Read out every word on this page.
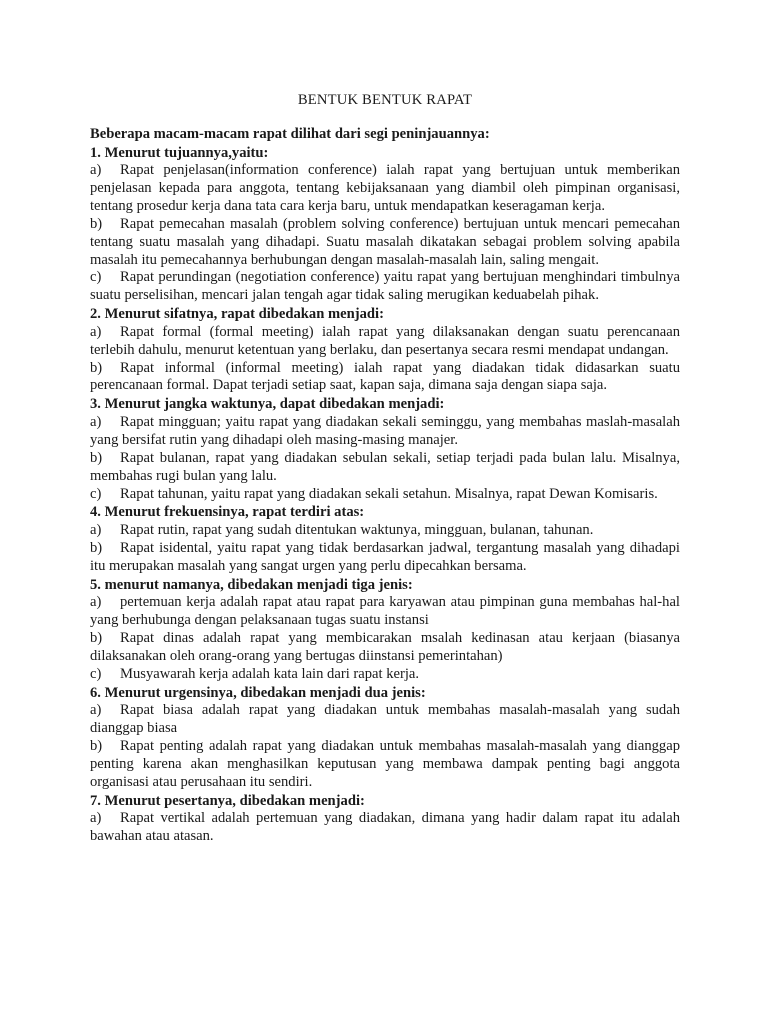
BENTUK BENTUK RAPAT

Beberapa macam-macam rapat dilihat dari segi peninjauannya:

1. Menurut tujuannya,yaitu:

a) Rapat penjelasan(information conference) ialah rapat yang bertujuan untuk memberikan penjelasan kepada para anggota, tentang kebijaksanaan yang diambil oleh pimpinan organisasi, tentang prosedur kerja dana tata cara kerja baru, untuk mendapatkan keseragaman kerja.

b) Rapat pemecahan masalah (problem solving conference) bertujuan untuk mencari pemecahan tentang suatu masalah yang dihadapi. Suatu masalah dikatakan sebagai problem solving apabila masalah itu pemecahannya berhubungan dengan masalah-masalah lain, saling mengait.

c) Rapat perundingan (negotiation conference) yaitu rapat yang bertujuan menghindari timbulnya suatu perselisihan, mencari jalan tengah agar tidak saling merugikan keduabelah pihak.

2. Menurut sifatnya, rapat dibedakan menjadi:

a) Rapat formal (formal meeting) ialah rapat yang dilaksanakan dengan suatu perencanaan terlebih dahulu, menurut ketentuan yang berlaku, dan pesertanya secara resmi mendapat undangan.

b) Rapat informal (informal meeting) ialah rapat yang diadakan tidak didasarkan suatu perencanaan formal. Dapat terjadi setiap saat, kapan saja, dimana saja dengan siapa saja.

3. Menurut jangka waktunya, dapat dibedakan menjadi:

a) Rapat mingguan; yaitu rapat yang diadakan sekali seminggu, yang membahas maslah-masalah yang bersifat rutin yang dihadapi oleh masing-masing manajer.

b) Rapat bulanan, rapat yang diadakan sebulan sekali, setiap terjadi pada bulan lalu. Misalnya, membahas rugi bulan yang lalu.

c) Rapat tahunan, yaitu rapat yang diadakan sekali setahun. Misalnya, rapat Dewan Komisaris.

4. Menurut frekuensinya, rapat terdiri atas:

a) Rapat rutin, rapat yang sudah ditentukan waktunya, mingguan, bulanan, tahunan.

b) Rapat isidental, yaitu rapat yang tidak berdasarkan jadwal, tergantung masalah yang dihadapi itu merupakan masalah yang sangat urgen yang perlu dipecahkan bersama.

5. menurut namanya, dibedakan menjadi tiga jenis:

a) pertemuan kerja adalah rapat atau rapat para karyawan atau pimpinan guna membahas hal-hal yang berhubunga dengan pelaksanaan tugas suatu instansi

b) Rapat dinas adalah rapat yang membicarakan msalah kedinasan atau kerjaan (biasanya dilaksanakan oleh orang-orang yang bertugas diinstansi pemerintahan)

c) Musyawarah kerja adalah kata lain dari rapat kerja.

6. Menurut urgensinya, dibedakan menjadi dua jenis:

a) Rapat biasa adalah rapat yang diadakan untuk membahas masalah-masalah yang sudah dianggap biasa

b) Rapat penting adalah rapat yang diadakan untuk membahas masalah-masalah yang dianggap penting karena akan menghasilkan keputusan yang membawa dampak penting bagi anggota organisasi atau perusahaan itu sendiri.

7. Menurut pesertanya, dibedakan menjadi:

a) Rapat vertikal adalah pertemuan yang diadakan, dimana yang hadir dalam rapat itu adalah bawahan atau atasan.
